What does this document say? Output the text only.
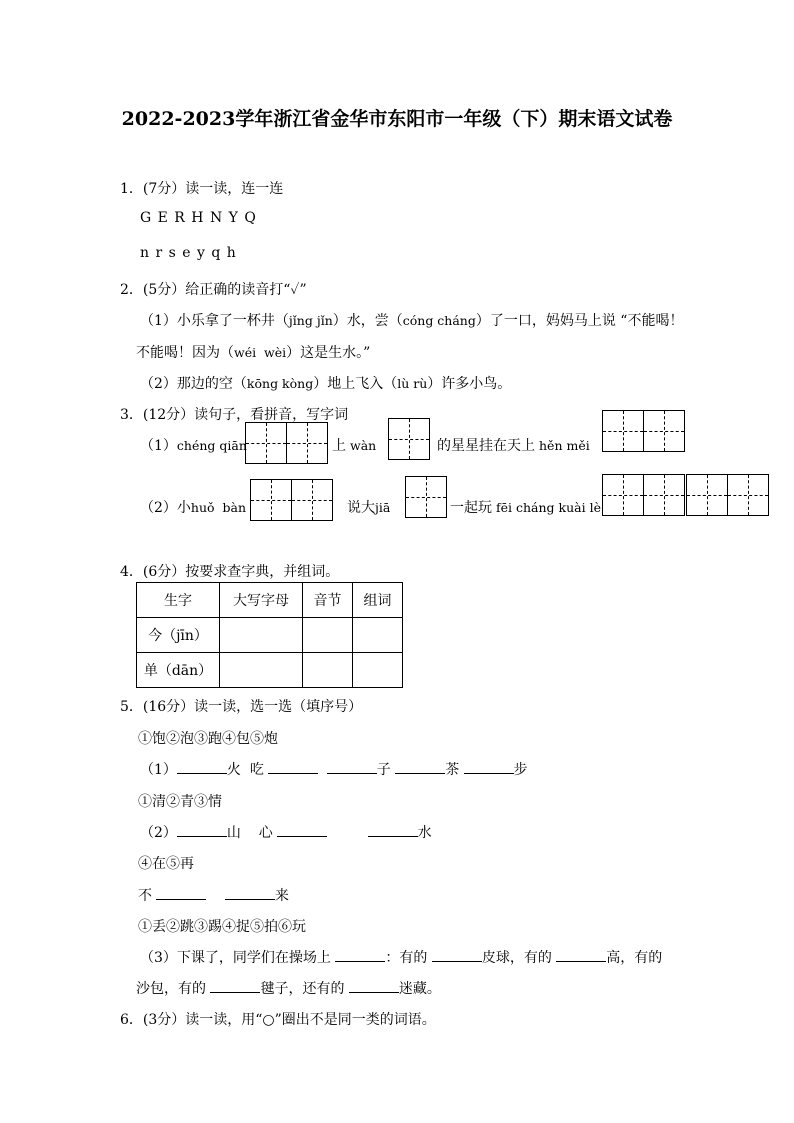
2022-2023学年浙江省金华市东阳市一年级（下）期末语文试卷
1．(7分）读一读，连一连
G E R H N Y Q
n r s e y q h
2．(5分）给正确的读音打“✓”
（1）小乐拿了一杯井（jǐng jǐn）水，尝（cóng cháng）了一口，妈妈马上说 “不能喝！
不能喝！因为（wéi  wèi）这是生水。”
（2）那边的空（kōng kòng）地上飞入（lù rù）许多小鸟。
3．(12分）读句子，看拼音，写字词
（1）chéng qiān	上 wàn	的星星挂在天上 hěn měi
（2）小huǒ  bàn	说大jiā	一起玩 fēi cháng kuài lè
4．(6分）按要求查字典，并组词。
生字	大写字母	音节	组词
今（jīn）			
单（dān）			
5．(16分）读一读，选一选（填序号）
①饱②泡③跑④包⑤炮
（1）	火  吃	子	茶	步
①清②青③情
（2）	山    心	水
④在⑤再
不	来
①丢②跳③踢④捉⑤拍⑥玩
（3）下课了，同学们在操场上	：有的	皮球，有的	高，有的
沙包，有的	毽子，还有的	迷藏。
6．(3分）读一读，用“○”圈出不是同一类的词语。
